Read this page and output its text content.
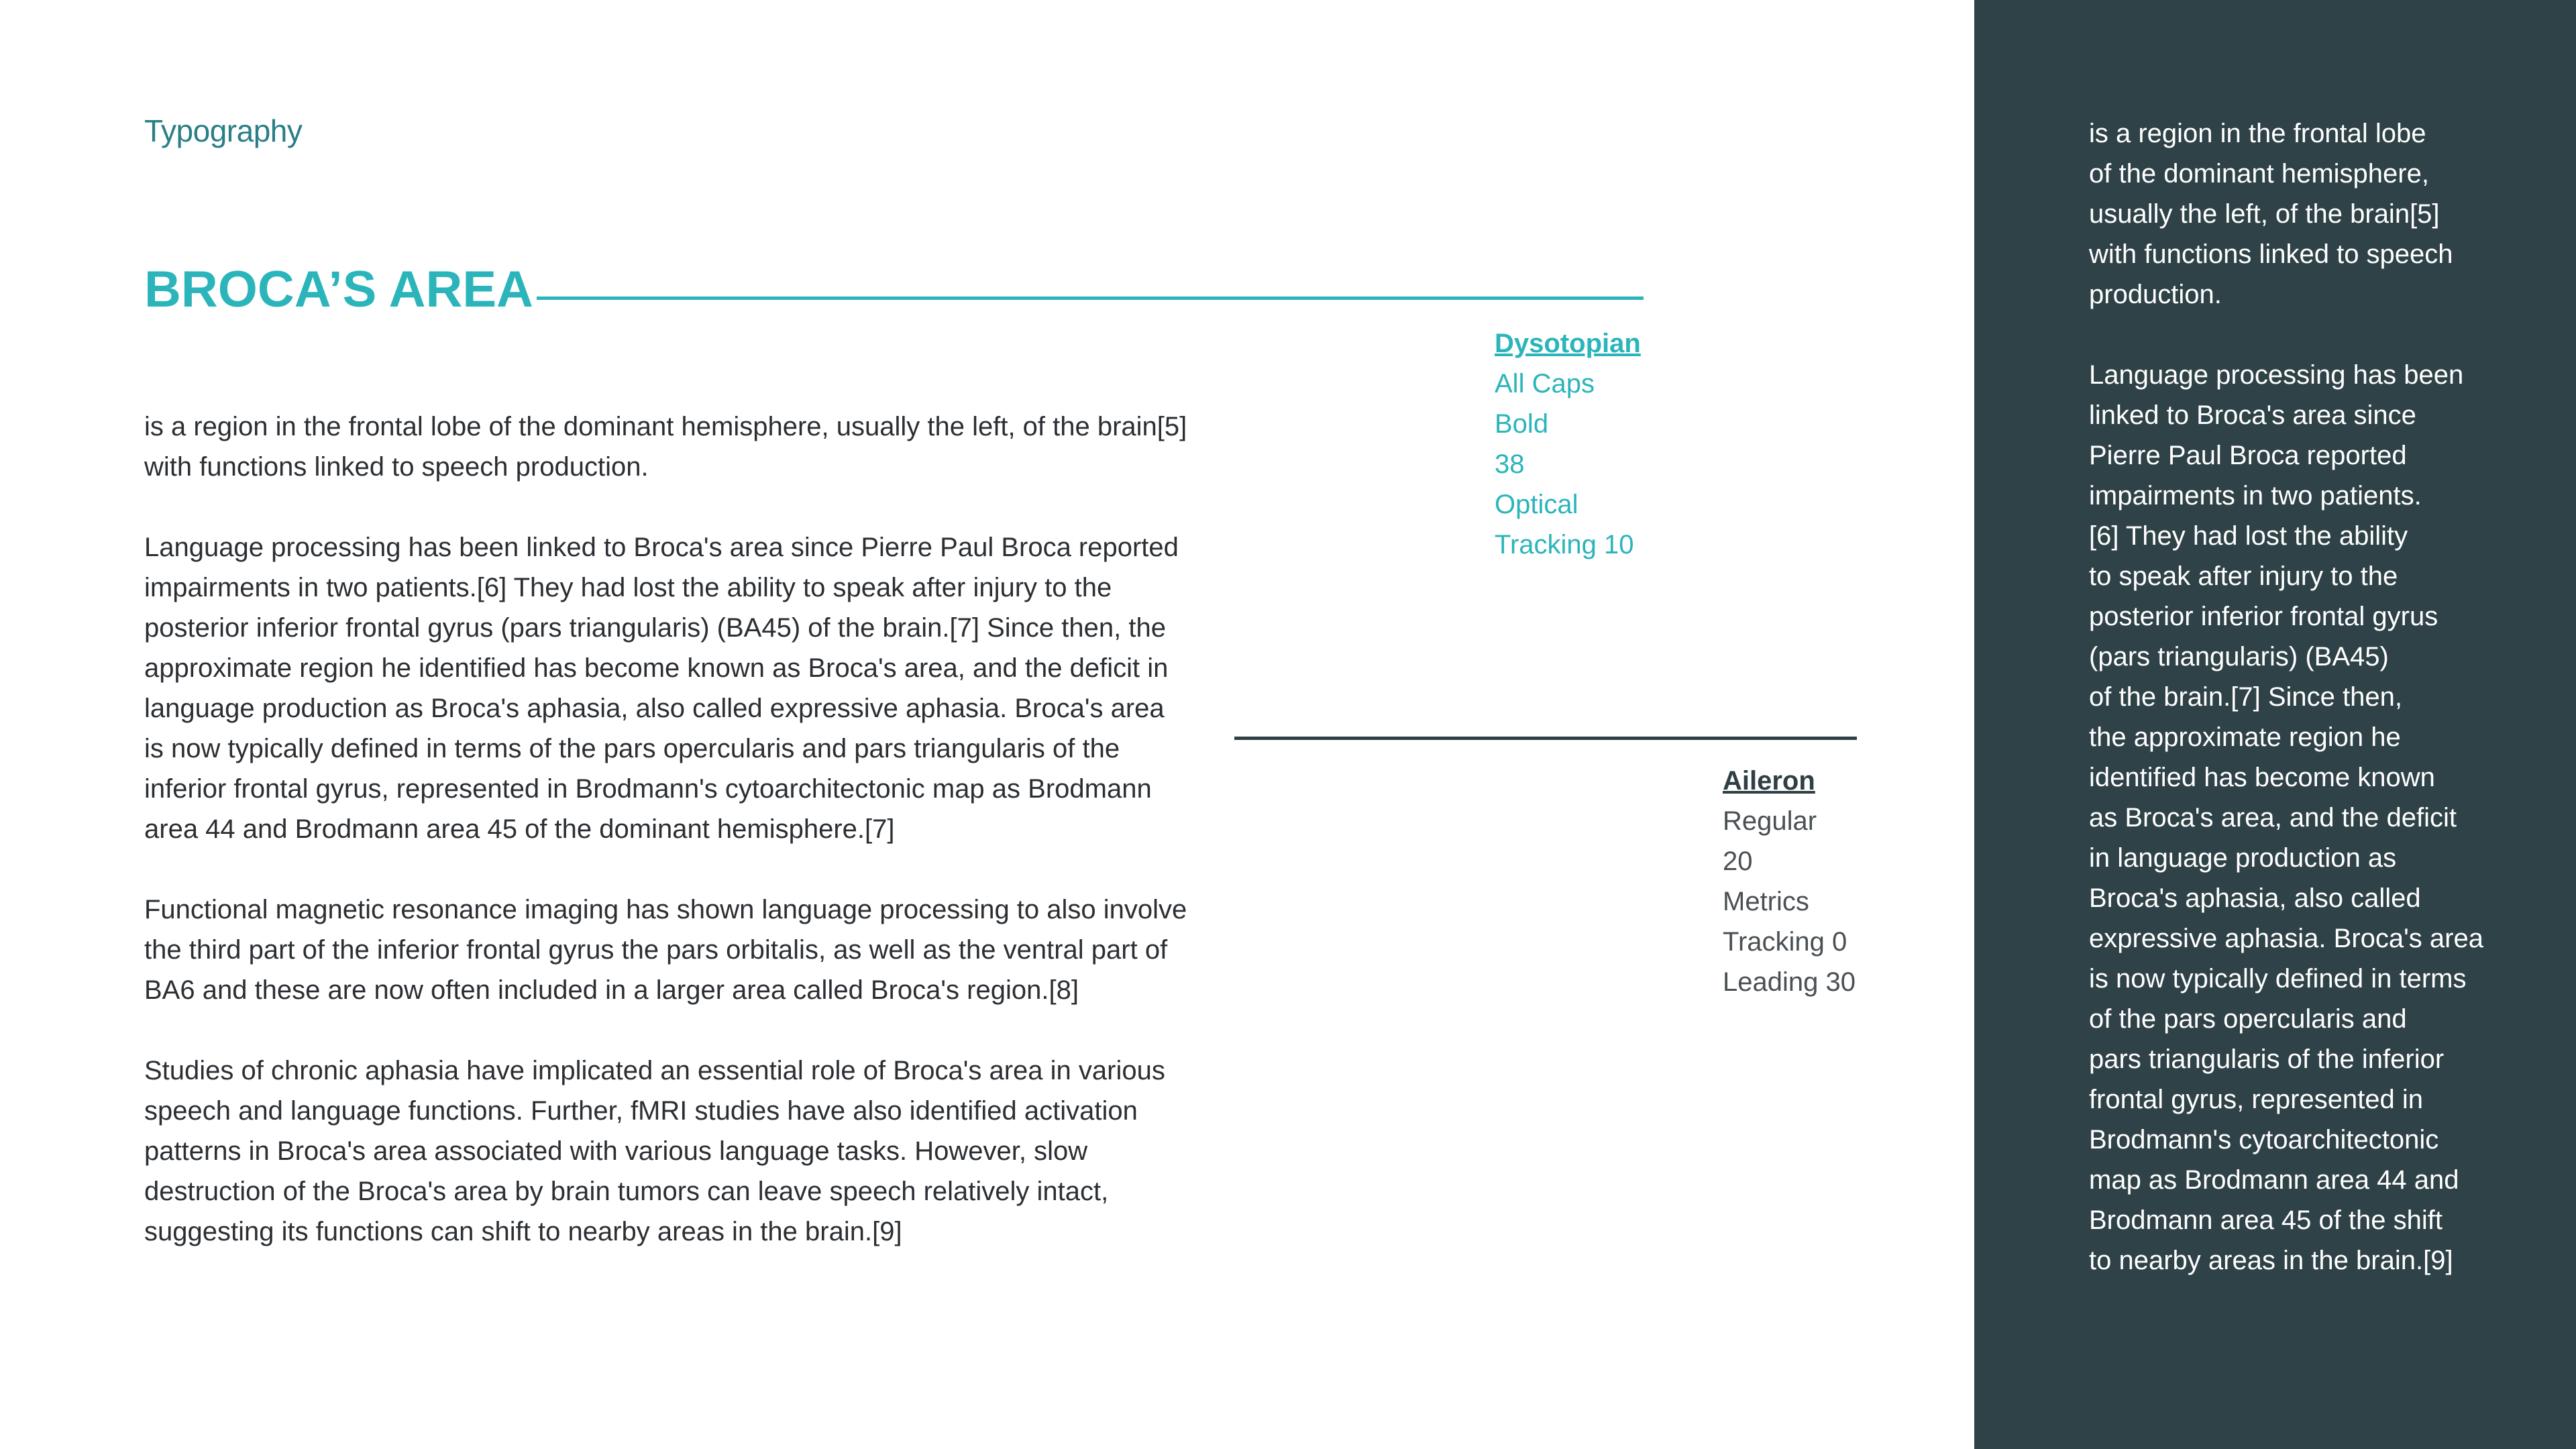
Typography
BROCA’S AREA

is a region in the frontal lobe of the dominant hemisphere, usually the left, of the brain[5] with functions linked to speech production.

Language processing has been linked to Broca's area since Pierre Paul Broca reported impairments in two patients.[6] They had lost the ability to speak after injury to the posterior inferior frontal gyrus (pars triangularis) (BA45) of the brain.[7] Since then, the approximate region he identified has become known as Broca's area, and the deficit in language production as Broca's aphasia, also called expressive aphasia. Broca's area is now typically defined in terms of the pars opercularis and pars triangularis of the inferior frontal gyrus, represented in Brodmann's cytoarchitectonic map as Brodmann area 44 and Brodmann area 45 of the dominant hemisphere.[7]

Functional magnetic resonance imaging has shown language processing to also involve the third part of the inferior frontal gyrus the pars orbitalis, as well as the ventral part of BA6 and these are now often included in a larger area called Broca's region.[8]

Studies of chronic aphasia have implicated an essential role of Broca's area in various speech and language functions. Further, fMRI studies have also identified activation patterns in Broca's area associated with various language tasks. However, slow destruction of the Broca's area by brain tumors can leave speech relatively intact, suggesting its functions can shift to nearby areas in the brain.[9]

Dysotopian
All Caps
Bold
38
Optical
Tracking 10
Aileron
Regular
20
Metrics
Tracking 0
Leading 30

is a region in the frontal lobe
of the dominant hemisphere,
usually the left, of the brain[5]
with functions linked to speech
production.

Language processing has been
linked to Broca's area since
Pierre Paul Broca reported
impairments in two patients.
[6] They had lost the ability
to speak after injury to the
posterior inferior frontal gyrus
(pars triangularis) (BA45)
of the brain.[7] Since then,
the approximate region he
identified has become known
as Broca's area, and the deficit
in language production as
Broca's aphasia, also called
expressive aphasia. Broca's area
is now typically defined in terms
of the pars opercularis and
pars triangularis of the inferior
frontal gyrus, represented in
Brodmann's cytoarchitectonic
map as Brodmann area 44 and
Brodmann area 45 of the shift
to nearby areas in the brain.[9]
